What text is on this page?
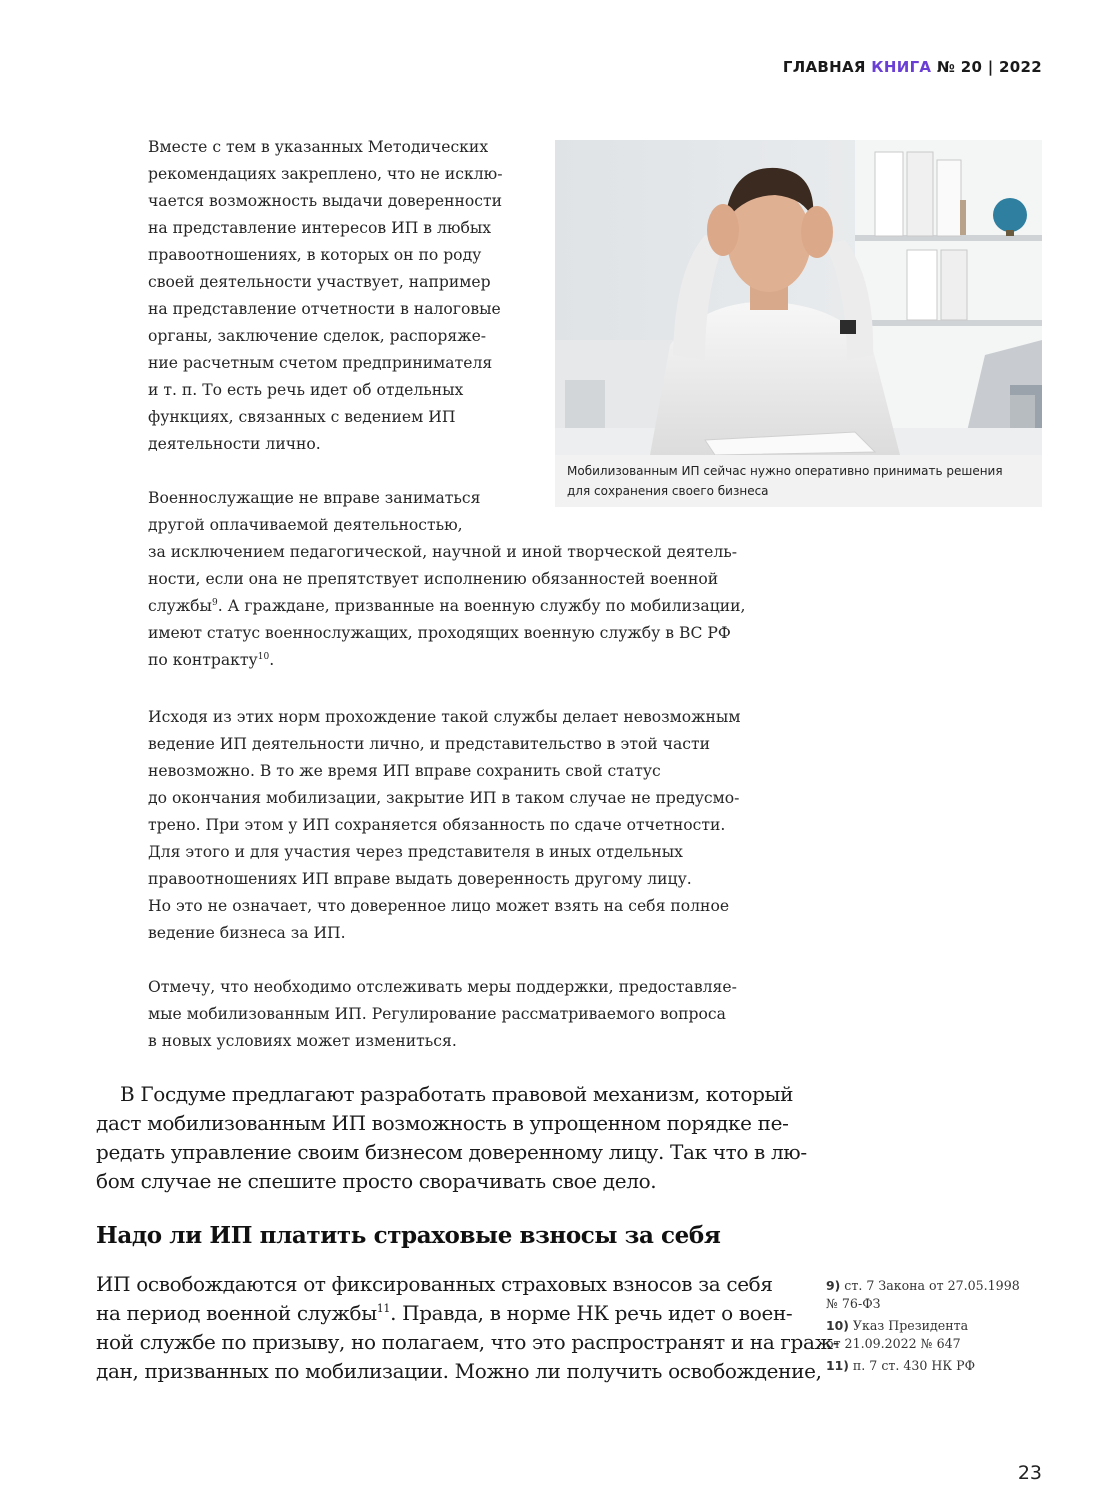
ГЛАВНАЯ КНИГА № 20 | 2022

Вместе с тем в указанных Методических
рекомендациях закреплено, что не исклю-
чается возможность выдачи доверенности
на представление интересов ИП в любых
правоотношениях, в которых он по роду
своей деятельности участвует, например
на представление отчетности в налоговые
органы, заключение сделок, распоряже-
ние расчетным счетом предпринимателя
и т. п. То есть речь идет об отдельных
функциях, связанных с ведением ИП
деятельности лично.

Мобилизованным ИП сейчас нужно оперативно принимать решения
для сохранения своего бизнеса

Военнослужащие не вправе заниматься
другой оплачиваемой деятельностью,
за исключением педагогической, научной и иной творческой деятель-
ности, если она не препятствует исполнению обязанностей военной
службы$^9$. А граждане, призванные на военную службу по мобилизации,
имеют статус военнослужащих, проходящих военную службу в ВС РФ
по контракту$^{10}$.

Исходя из этих норм прохождение такой службы делает невозможным
ведение ИП деятельности лично, и представительство в этой части
невозможно. В то же время ИП вправе сохранить свой статус
до окончания мобилизации, закрытие ИП в таком случае не предусмо-
трено. При этом у ИП сохраняется обязанность по сдаче отчетности.
Для этого и для участия через представителя в иных отдельных
правоотношениях ИП вправе выдать доверенность другому лицу.
Но это не означает, что доверенное лицо может взять на себя полное
ведение бизнеса за ИП.

Отмечу, что необходимо отслеживать меры поддержки, предоставляе-
мые мобилизованным ИП. Регулирование рассматриваемого вопроса
в новых условиях может измениться.

В Госдуме предлагают разработать правовой механизм, который
даст мобилизованным ИП возможность в упрощенном порядке пе-
редать управление своим бизнесом доверенному лицу. Так что в лю-
бом случае не спешите просто сворачивать свое дело.

Надо ли ИП платить страховые взносы за себя

ИП освобождаются от фиксированных страховых взносов за себя
на период военной службы$^{11}$. Правда, в норме НК речь идет о воен-
ной службе по призыву, но полагаем, что это распространят и на граж-
дан, призванных по мобилизации. Можно ли получить освобождение,

9) ст. 7 Закона от 27.05.1998
№ 76-ФЗ

10) Указ Президента
от 21.09.2022 № 647

11) п. 7 ст. 430 НК РФ

23
